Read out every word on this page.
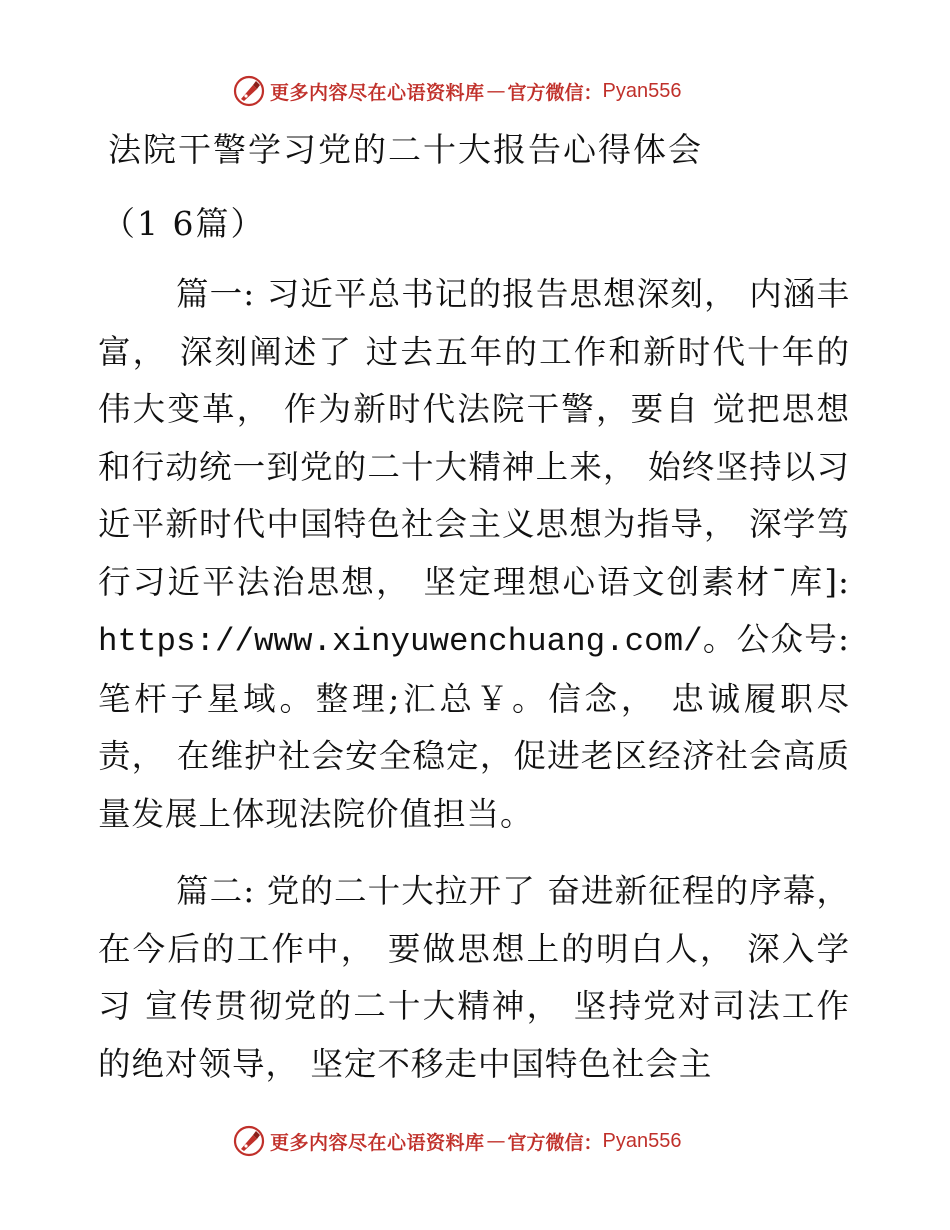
更多内容尽在心语资料库 — 官方微信： Pyan556
法院干警学习党的二十大报告心得体会
（1 6篇）

篇一: 习近平总书记的报告思想深刻， 内涵丰富， 深刻阐述了 过去五年的工作和新时代十年的伟大变革， 作为新时代法院干警，要自 觉把思想和行动统一到党的二十大精神上来， 始终坚持以习 近平新时代中国特色社会主义思想为指导， 深学笃行习近平法治思想， 坚定理想心语文创素材¯库]: https://www.xinyuwenchuang.com/。公众号: 笔杆子星域。整理;汇总￥。信念， 忠诚履职尽责， 在维护社会安全稳定，促进老区经济社会高质量发展上体现法院价值担当。

篇二: 党的二十大拉开了 奋进新征程的序幕， 在今后的工作中， 要做思想上的明白人， 深入学习 宣传贯彻党的二十大精神， 坚持党对司法工作的绝对领导， 坚定不移走中国特色社会主

更多内容尽在心语资料库 — 官方微信： Pyan556
